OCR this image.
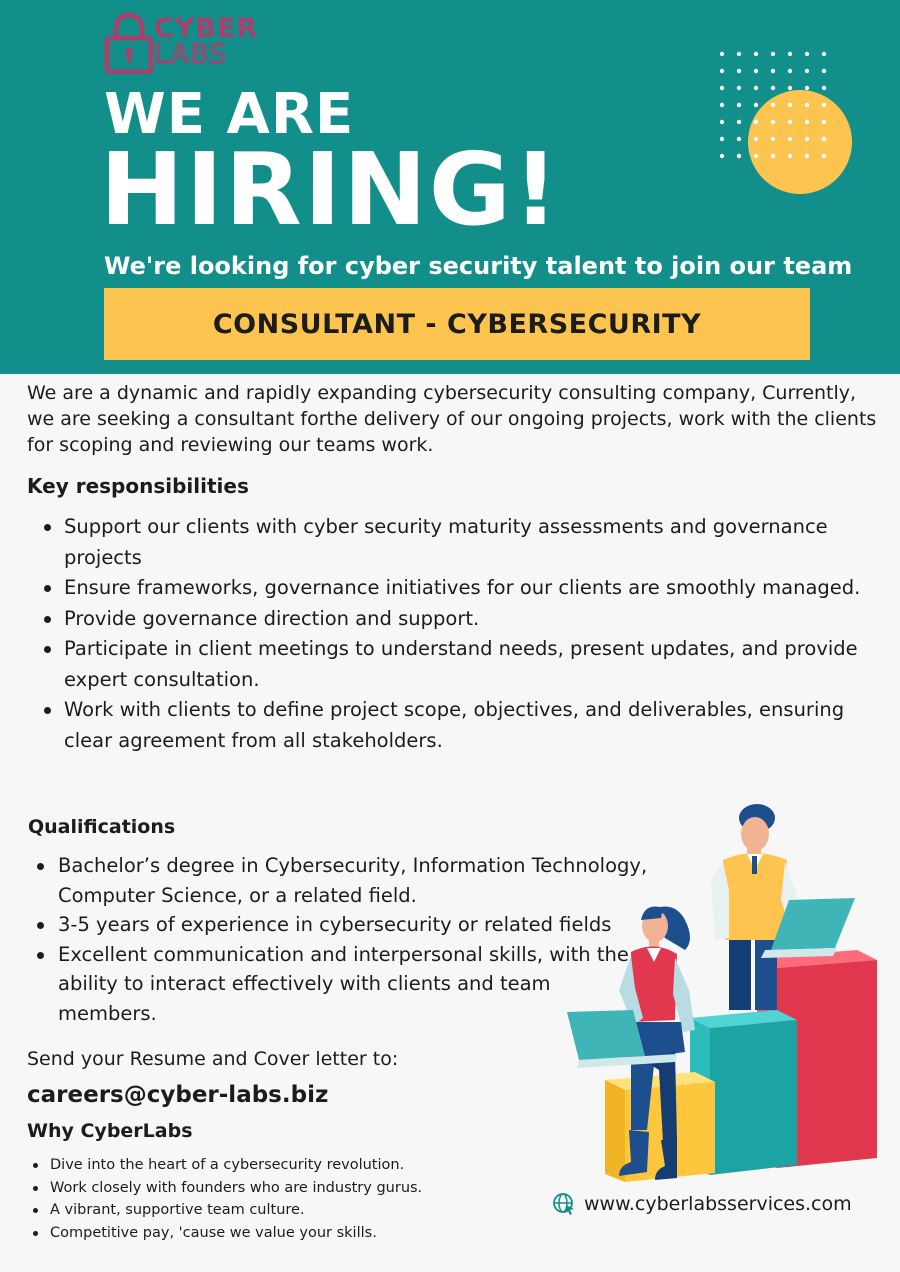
CYBER
LABS
WE ARE
HIRING!
We're looking for cyber security talent to join our team
CONSULTANT - CYBERSECURITY
We are a dynamic and rapidly expanding cybersecurity consulting company, Currently, we are seeking a consultant forthe delivery of our ongoing projects, work with the clients for scoping and reviewing our teams work.
Key responsibilities
Support our clients with cyber security maturity assessments and governance projects
Ensure frameworks, governance initiatives for our clients are smoothly managed.
Provide governance direction and support.
Participate in client meetings to understand needs, present updates, and provide expert consultation.
Work with clients to define project scope, objectives, and deliverables, ensuring clear agreement from all stakeholders.
Qualifications
Bachelor’s degree in Cybersecurity, Information Technology, Computer Science, or a related field.
3-5 years of experience in cybersecurity or related fields
Excellent communication and interpersonal skills, with the ability to interact effectively with clients and team members.
Send your Resume and Cover letter to:
careers@cyber-labs.biz
Why CyberLabs
Dive into the heart of a cybersecurity revolution.
Work closely with founders who are industry gurus.
A vibrant, supportive team culture.
Competitive pay, 'cause we value your skills.
www.cyberlabsservices.com
